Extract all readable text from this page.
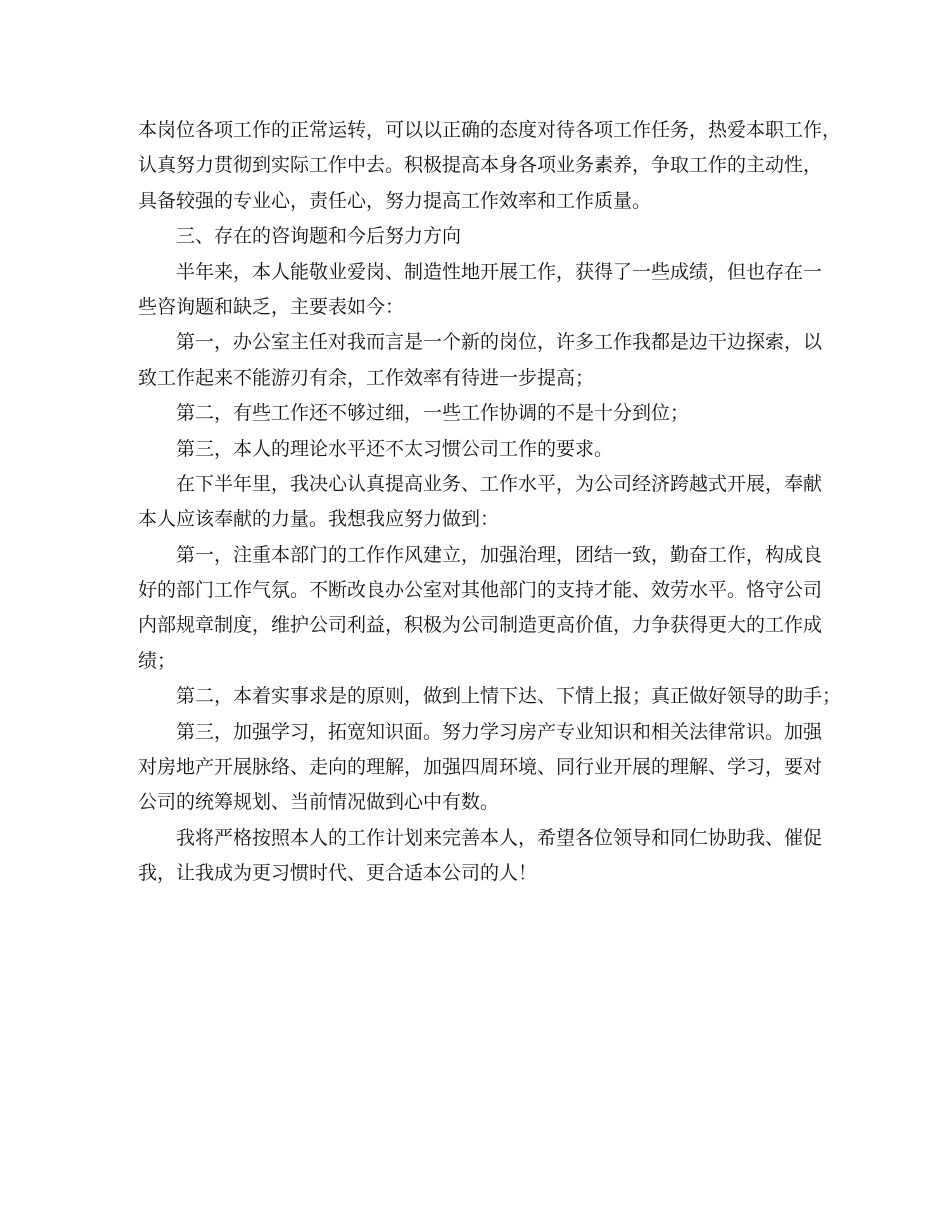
本岗位各项工作的正常运转，可以以正确的态度对待各项工作任务，热爱本职工作，
认真努力贯彻到实际工作中去。积极提高本身各项业务素养，争取工作的主动性，
具备较强的专业心，责任心，努力提高工作效率和工作质量。
三、存在的咨询题和今后努力方向
半年来，本人能敬业爱岗、制造性地开展工作，获得了一些成绩，但也存在一
些咨询题和缺乏，主要表如今：
第一，办公室主任对我而言是一个新的岗位，许多工作我都是边干边探索，以
致工作起来不能游刃有余，工作效率有待进一步提高；
第二，有些工作还不够过细，一些工作协调的不是十分到位；
第三，本人的理论水平还不太习惯公司工作的要求。
在下半年里，我决心认真提高业务、工作水平，为公司经济跨越式开展，奉献
本人应该奉献的力量。我想我应努力做到：
第一，注重本部门的工作作风建立，加强治理，团结一致，勤奋工作，构成良
好的部门工作气氛。不断改良办公室对其他部门的支持才能、效劳水平。恪守公司
内部规章制度，维护公司利益，积极为公司制造更高价值，力争获得更大的工作成
绩；
第二，本着实事求是的原则，做到上情下达、下情上报；真正做好领导的助手；
第三，加强学习，拓宽知识面。努力学习房产专业知识和相关法律常识。加强
对房地产开展脉络、走向的理解，加强四周环境、同行业开展的理解、学习，要对
公司的统筹规划、当前情况做到心中有数。
我将严格按照本人的工作计划来完善本人，希望各位领导和同仁协助我、催促
我，让我成为更习惯时代、更合适本公司的人！
